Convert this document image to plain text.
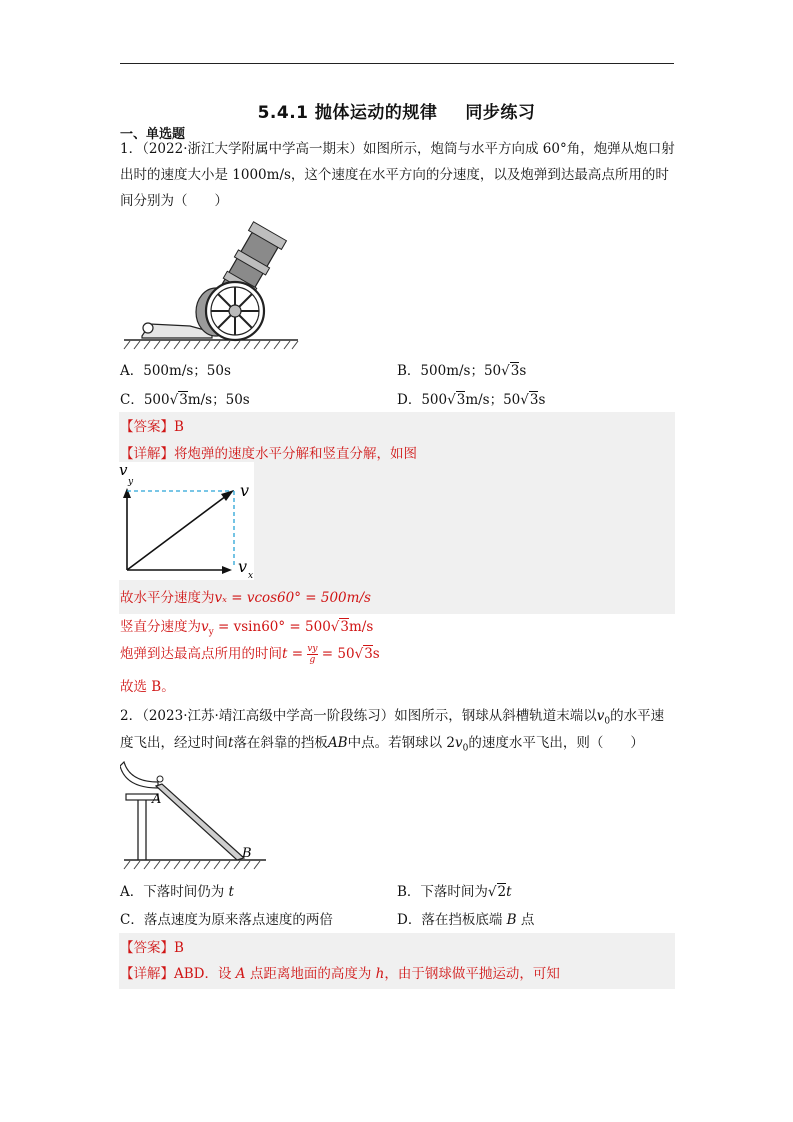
5.4.1 抛体运动的规律 同步练习
一、单选题
1．（2022·浙江大学附属中学高一期末）如图所示，炮筒与水平方向成 60°角，炮弹从炮口射
出时的速度大小是 1000m/s，这个速度在水平方向的分速度，以及炮弹到达最高点所用的时
间分别为（　　）
A．500m/s；50s	B．500m/s；50√3s
C．500√3m/s；50s	D．500√3m/s；50√3s
【答案】B
【详解】将炮弹的速度水平分解和竖直分解，如图
v
y	v
v x
故水平分速度为vₓ = vcos60° = 500m/s
竖直分速度为$v_y = vsin60^\circ = 500√3m/s$
炮弹到达最高点所用的时间$t = \frac{vy}{g} = 50√3s$
故选 B。
2．（2023·江苏·靖江高级中学高一阶段练习）如图所示，钢球从斜槽轨道末端以$v_0$的水平速
度飞出，经过时间t落在斜靠的挡板AB中点。若钢球以 $2v_0$的速度水平飞出，则（　　）
A
B
A．下落时间仍为 t	B．下落时间为√2t
C．落点速度为原来落点速度的两倍	D．落在挡板底端 B 点
【答案】B
【详解】ABD．设 A 点距离地面的高度为 h，由于钢球做平抛运动，可知
